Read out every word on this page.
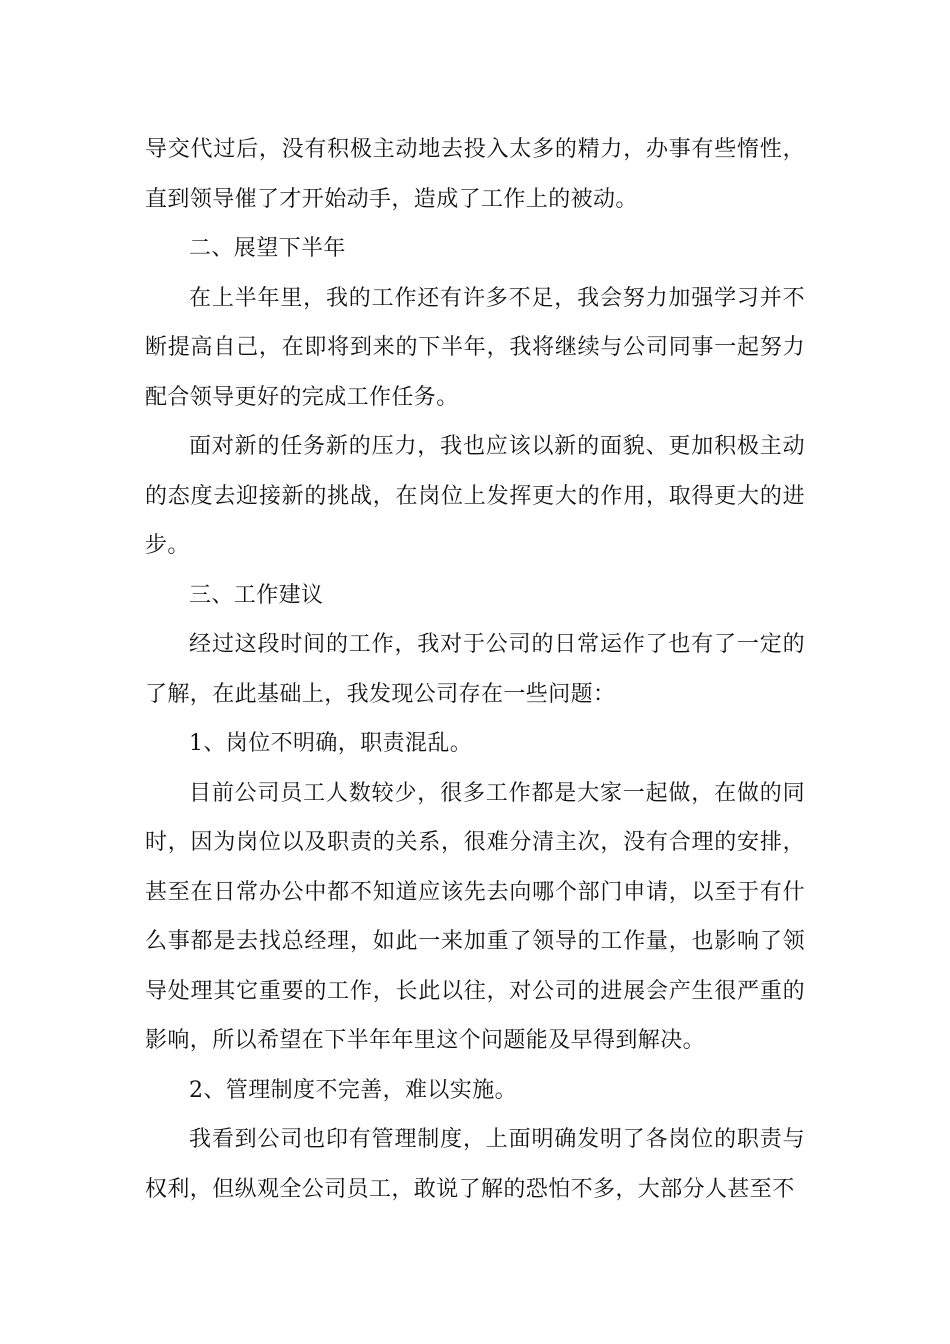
导交代过后，没有积极主动地去投入太多的精力，办事有些惰性，直到领导催了才开始动手，造成了工作上的被动。

二、展望下半年

在上半年里，我的工作还有许多不足，我会努力加强学习并不断提高自己，在即将到来的下半年，我将继续与公司同事一起努力配合领导更好的完成工作任务。

面对新的任务新的压力，我也应该以新的面貌、更加积极主动的态度去迎接新的挑战，在岗位上发挥更大的作用，取得更大的进步。

三、工作建议

经过这段时间的工作，我对于公司的日常运作了也有了一定的了解，在此基础上，我发现公司存在一些问题：

1、岗位不明确，职责混乱。

目前公司员工人数较少，很多工作都是大家一起做，在做的同时，因为岗位以及职责的关系，很难分清主次，没有合理的安排，甚至在日常办公中都不知道应该先去向哪个部门申请，以至于有什么事都是去找总经理，如此一来加重了领导的工作量，也影响了领导处理其它重要的工作，长此以往，对公司的进展会产生很严重的影响，所以希望在下半年年里这个问题能及早得到解决。

2、管理制度不完善，难以实施。

我看到公司也印有管理制度，上面明确发明了各岗位的职责与权利，但纵观全公司员工，敢说了解的恐怕不多，大部分人甚至不
